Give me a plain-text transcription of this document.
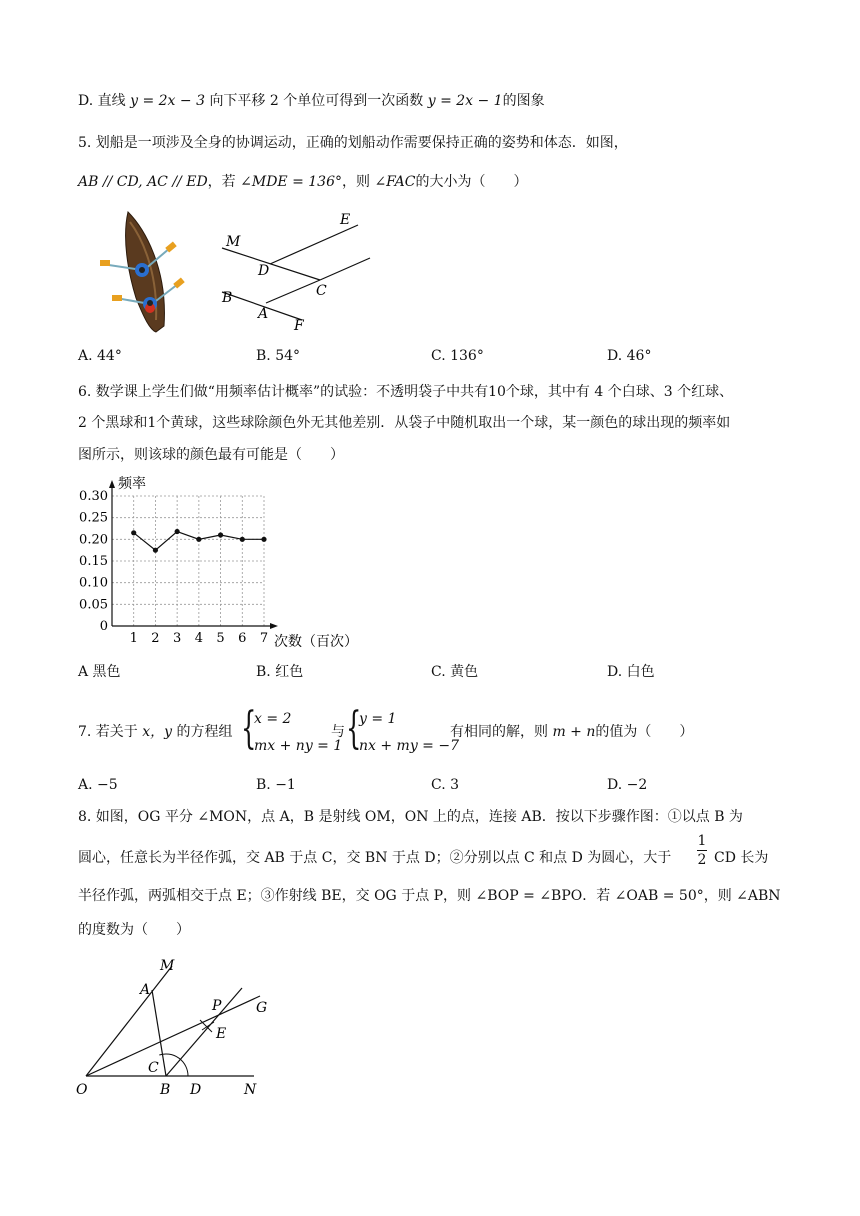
D. 直线 y = 2x − 3 向下平移 2 个单位可得到一次函数 y = 2x − 1的图象
5. 划船是一项涉及全身的协调运动，正确的划船动作需要保持正确的姿势和体态．如图，
AB // CD, AC // ED，若 ∠MDE = 136°，则 ∠FAC的大小为（　　）
E
M
D
C
B
A
F
A. 44°	B. 54°	C. 136°	D. 46°
6. 数学课上学生们做“用频率估计概率”的试验：不透明袋子中共有10个球，其中有 4 个白球、3 个红球、
2 个黑球和1个黄球，这些球除颜色外无其他差别．从袋子中随机取出一个球，某一颜色的球出现的频率如
图所示，则该球的颜色最有可能是（　　）
0
0.05
0.10
0.15
0.20
0.25
0.30
1 2 3 4 5 6 7
频率
次数（百次）
A 黑色	B. 红色	C. 黄色	D. 白色
7. 若关于 x，y 的方程组 {
x = 2
mx + ny = 1
与 {
y = 1
nx + my = −7
有相同的解，则 m + n的值为（　　）
A. −5	B. −1	C. 3	D. −2
8. 如图，OG 平分 ∠MON，点 A，B 是射线 OM，ON 上的点，连接 AB．按以下步骤作图：①以点 B 为
圆心，任意长为半径作弧，交 AB 于点 C，交 BN 于点 D；②分别以点 C 和点 D 为圆心，大于
1
2 CD 长为
半径作弧，两弧相交于点 E；③作射线 BE，交 OG 于点 P，则 ∠BOP = ∠BPO．若 ∠OAB = 50°，则 ∠ABN
的度数为（　　）
M
A
P G
E
C
O	B D	N
